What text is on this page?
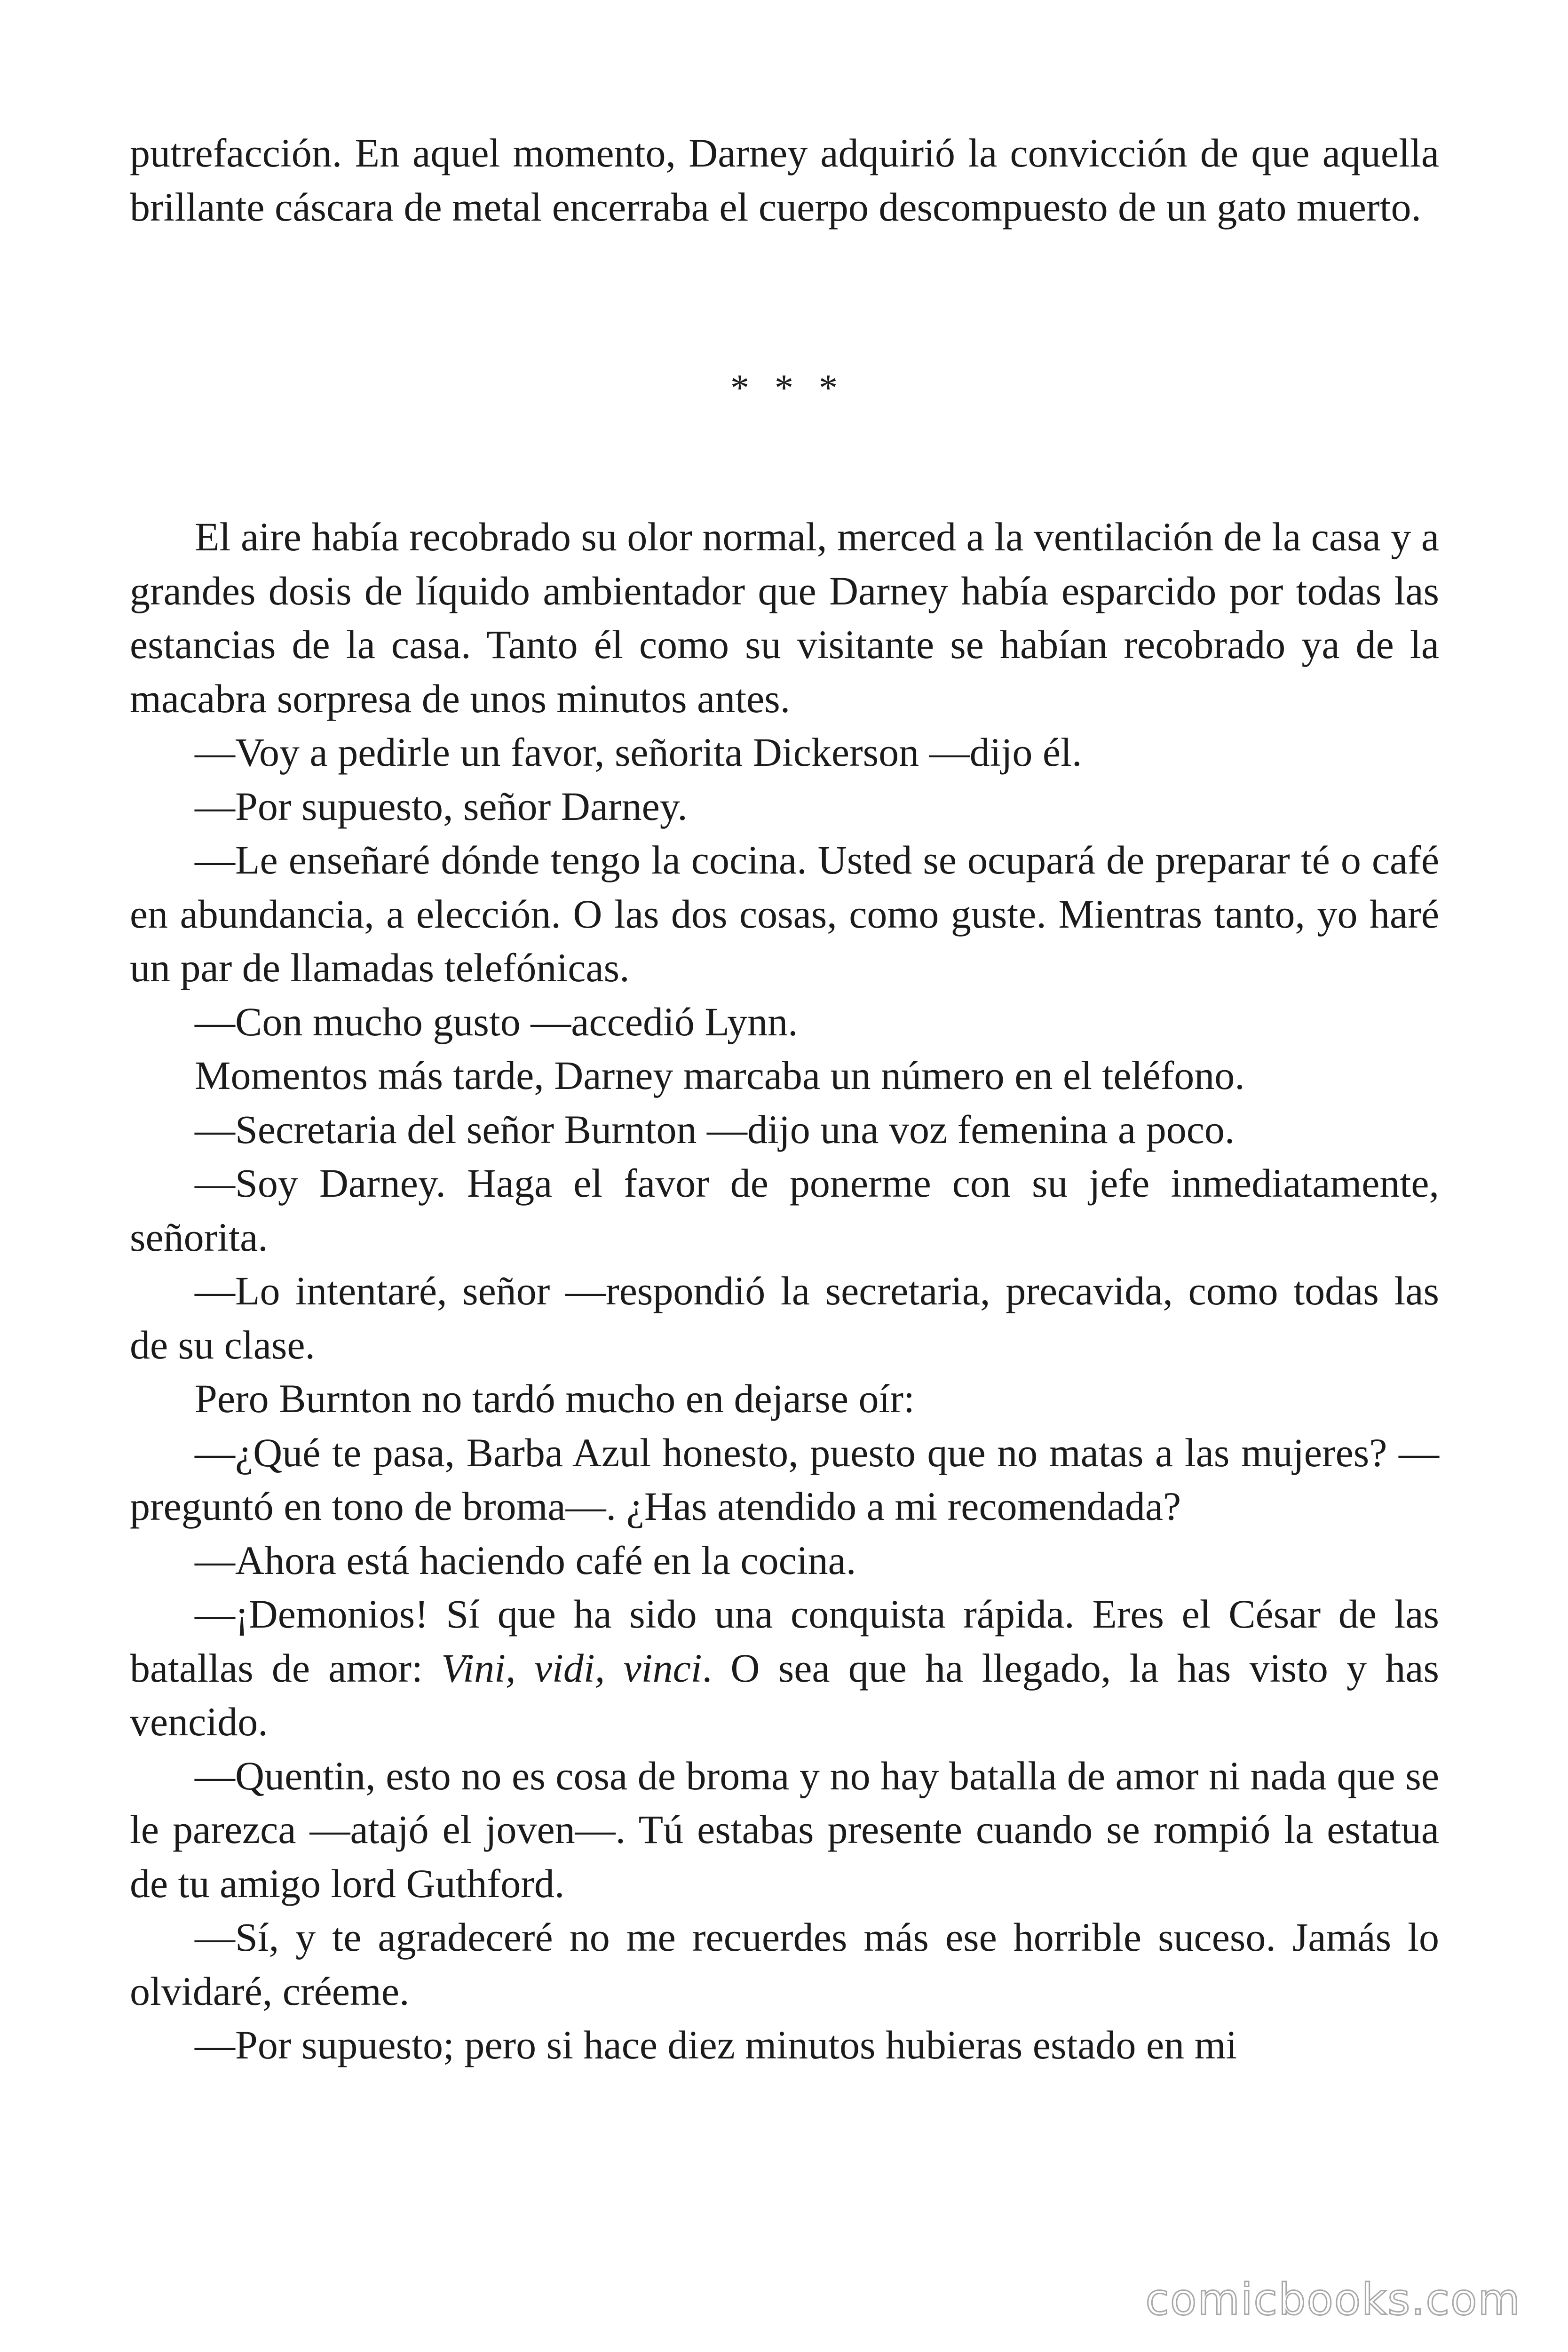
putrefacción. En aquel momento, Darney adquirió la convicción de que aquella brillante cáscara de metal encerraba el cuerpo descompuesto de un gato muerto.

* * *

El aire había recobrado su olor normal, merced a la ventilación de la casa y a grandes dosis de líquido ambientador que Darney había esparcido por todas las estancias de la casa. Tanto él como su visitante se habían recobrado ya de la macabra sorpresa de unos minutos antes.

—Voy a pedirle un favor, señorita Dickerson —dijo él.

—Por supuesto, señor Darney.

—Le enseñaré dónde tengo la cocina. Usted se ocupará de preparar té o café en abundancia, a elección. O las dos cosas, como guste. Mientras tanto, yo haré un par de llamadas telefónicas.

—Con mucho gusto —accedió Lynn.

Momentos más tarde, Darney marcaba un número en el teléfono.

—Secretaria del señor Burnton —dijo una voz femenina a poco.

—Soy Darney. Haga el favor de ponerme con su jefe inmediatamente, señorita.

—Lo intentaré, señor —respondió la secretaria, precavida, como todas las de su clase.

Pero Burnton no tardó mucho en dejarse oír:

—¿Qué te pasa, Barba Azul honesto, puesto que no matas a las mujeres? —preguntó en tono de broma—. ¿Has atendido a mi recomendada?

—Ahora está haciendo café en la cocina.

—¡Demonios! Sí que ha sido una conquista rápida. Eres el César de las batallas de amor: Vini, vidi, vinci. O sea que ha llegado, la has visto y has vencido.

—Quentin, esto no es cosa de broma y no hay batalla de amor ni nada que se le parezca —atajó el joven—. Tú estabas presente cuando se rompió la estatua de tu amigo lord Guthford.

—Sí, y te agradeceré no me recuerdes más ese horrible suceso. Jamás lo olvidaré, créeme.

—Por supuesto; pero si hace diez minutos hubieras estado en mi

comicbooks.com
